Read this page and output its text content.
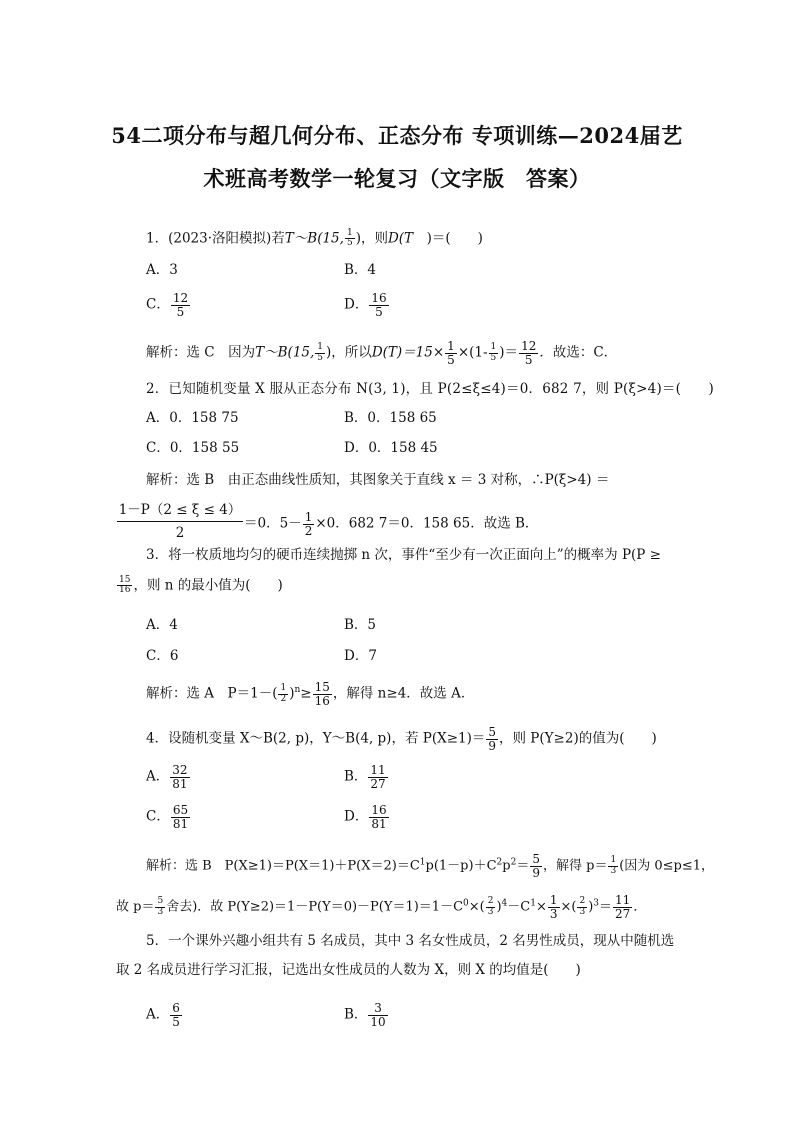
54二项分布与超几何分布、正态分布 专项训练—2024届艺
术班高考数学一轮复习（文字版　答案）
1．(2023·洛阳模拟)若T～B(15, $\frac{1}{5}$ )，则D(T  )＝(　　)
A．3	B．4
C． $\frac{12}{5}$	D． $\frac{16}{5}$
解析：选 C　因为T～B(15, $\frac{1}{5}$ )，所以$D(T)=15\times \frac{1}{5} \times(1- \frac{1}{5}$ )＝ $\frac{12}{5}$ ．故选：C．
2．已知随机变量 X 服从正态分布 N(3, 1)，且 P(2≤ξ≤4)＝0．682 7，则 P(ξ>4)＝(　　)
A．0．158 75	B．0．158 65
C．0．158 55	D．0．158 45
解析：选 B　由正态曲线性质知，其图象关于直线 x ＝ 3 对称，∴P(ξ>4) ＝
1－P（2 ≤ ξ ≤ 4）
2
＝0．$5- \frac{1}{2} \times 0$．682 7＝0．158 65．故选 B．
3．将一枚质地均匀的硬币连续抛掷 n 次，事件“至少有一次正面向上”的概率为 P(P ≥
$\frac{15}{16}$ ，则 n 的最小值为(　　)
A．4	B．5
C．6	D．7
解析：选 A　$P=1-( \frac{1}{2} )^n\ge \frac{15}{16}$ ，解得 n≥4．故选 A．
4．设随机变量 X～B(2, p)，Y～B(4, p)，若 $P(X\ge 1)= \frac{5}{9}$ ，则 P(Y≥2)的值为(　　)
A． $\frac{32}{81}$	B． $\frac{11}{27}$
C． $\frac{65}{81}$	D． $\frac{16}{81}$
解析：选 B　$P(X\ge 1)=P(X=1)+P(X=2)=C^1p(1-p)+C^2p^2= \frac{5}{9}$ ，解得 $p= \frac{1}{3}$ (因为 0≤p≤1，
故 $p= \frac{5}{3}$ 舍去)．故 $P(Y\ge 2)=1-P(Y=0)-P(Y=1)=1-C^0\times( \frac{2}{3} )^4-C^1\times \frac{1}{3}$ ×( $\frac{2}{3} )^3= \frac{11}{27}$ ．
5．一个课外兴趣小组共有 5 名成员，其中 3 名女性成员，2 名男性成员，现从中随机选
取 2 名成员进行学习汇报，记选出女性成员的人数为 X，则 X 的均值是(　　)
A． $\frac{6}{5}$	B． $\frac{3}{10}$
